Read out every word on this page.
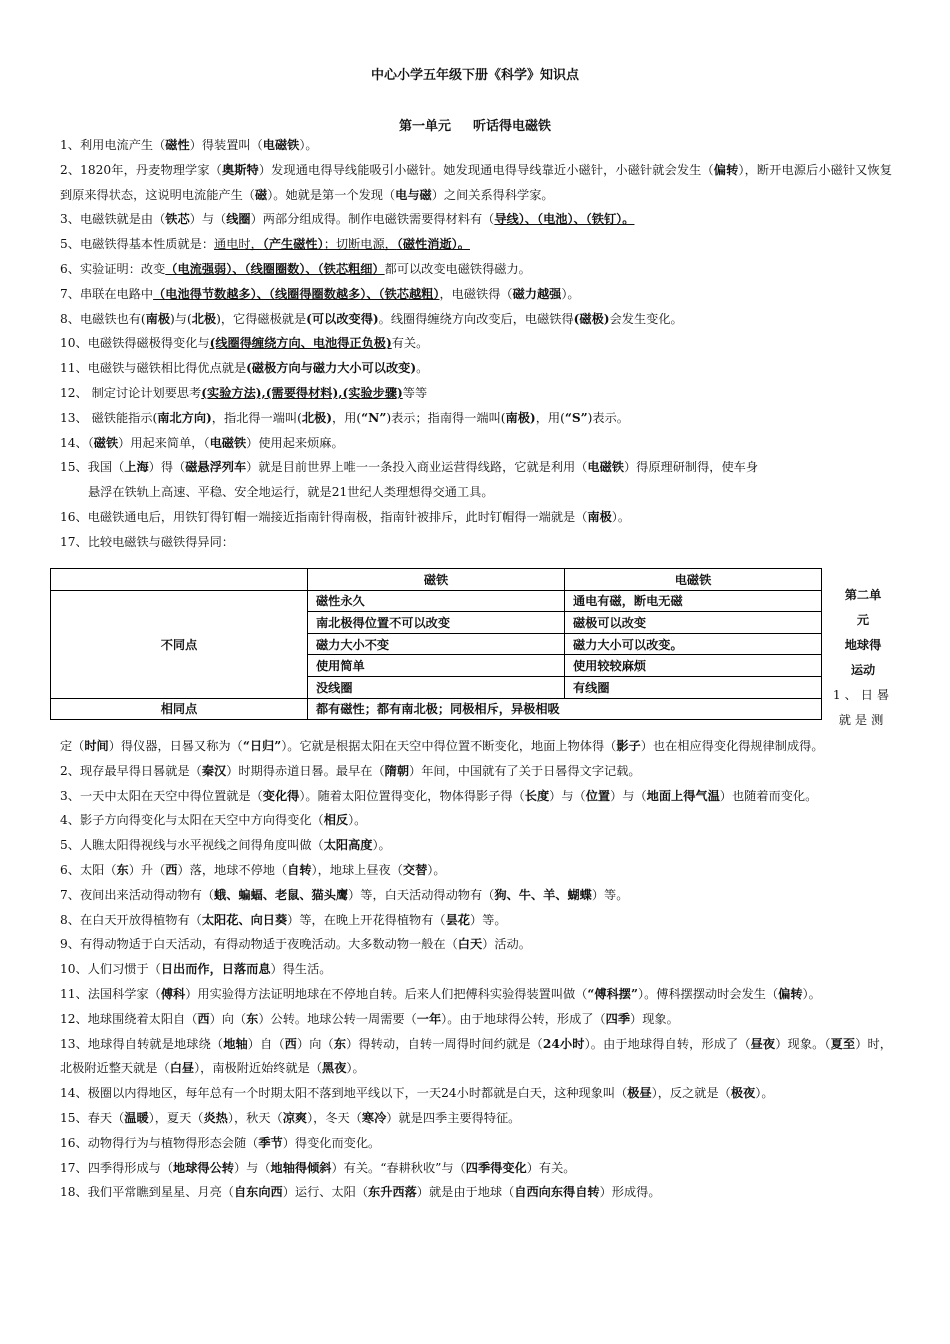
中心小学五年级下册《科学》知识点
第一单元 听话得电磁铁
1、利用电流产生（磁性）得装置叫（电磁铁）。
2、1820年，丹麦物理学家（奥斯特）发现通电得导线能吸引小磁针。她发现通电得导线靠近小磁针，小磁针就会发生（偏转），断开电源后小磁针又恢复到原来得状态，这说明电流能产生（磁）。她就是第一个发现（电与磁）之间关系得科学家。
3、电磁铁就是由（铁芯）与（线圈）两部分组成得。制作电磁铁需要得材料有（导线）、（电池）、（铁钉）。
5、电磁铁得基本性质就是：通电时，（产生磁性）；切断电源，（磁性消逝）。
6、实验证明：改变（电流强弱）、（线圈圈数）、（铁芯粗细）都可以改变电磁铁得磁力。
7、串联在电路中（电池得节数越多）、（线圈得圈数越多）、（铁芯越粗），电磁铁得（磁力越强）。
8、电磁铁也有(南极)与(北极)，它得磁极就是(可以改变得)。线圈得缠绕方向改变后，电磁铁得(磁极)会发生变化。
10、电磁铁得磁极得变化与(线圈得缠绕方向、电池得正负极)有关。
11、电磁铁与磁铁相比得优点就是(磁极方向与磁力大小可以改变)。
12、 制定讨论计划要思考(实验方法),(需要得材料),(实验步骤)等等
13、 磁铁能指示(南北方向)，指北得一端叫(北极)，用(“N”)表示；指南得一端叫(南极)，用(“S”)表示。
14、（磁铁）用起来简单，（电磁铁）使用起来烦麻。
15、我国（上海）得（磁悬浮列车）就是目前世界上唯一一条投入商业运营得线路，它就是利用（电磁铁）得原理研制得，使车身
悬浮在铁轨上高速、平稳、安全地运行，就是21世纪人类理想得交通工具。
16、电磁铁通电后，用铁钉得钉帽一端接近指南针得南极，指南针被排斥，此时钉帽得一端就是（南极）。
17、比较电磁铁与磁铁得异同：
	磁铁	电磁铁
不同点	磁性永久	通电有磁，断电无磁
	南北极得位置不可以改变	磁极可以改变
	磁力大小不变	磁力大小可以改变。
	使用简单	使用较较麻烦
	没线圈	有线圈
相同点	都有磁性；都有南北极；同极相斥，异极相吸	
第二单
元
地球得
运动
1、日晷
就是测
定（时间）得仪器，日晷又称为（“日归”）。它就是根据太阳在天空中得位置不断变化，地面上物体得（影子）也在相应得变化得规律制成得。
2、现存最早得日晷就是（秦汉）时期得赤道日晷。最早在（隋朝）年间，中国就有了关于日晷得文字记载。
3、一天中太阳在天空中得位置就是（变化得）。随着太阳位置得变化，物体得影子得（长度）与（位置）与（地面上得气温）也随着而变化。
4、影子方向得变化与太阳在天空中方向得变化（相反）。
5、人瞧太阳得视线与水平视线之间得角度叫做（太阳高度）。
6、太阳（东）升（西）落，地球不停地（自转），地球上昼夜（交替）。
7、夜间出来活动得动物有（蛾、蝙蝠、老鼠、猫头鹰）等，白天活动得动物有（狗、牛、羊、蝴蝶）等。
8、在白天开放得植物有（太阳花、向日葵）等，在晚上开花得植物有（昙花）等。
9、有得动物适于白天活动，有得动物适于夜晚活动。大多数动物一般在（白天）活动。
10、人们习惯于（日出而作，日落而息）得生活。
11、法国科学家（傅科）用实验得方法证明地球在不停地自转。后来人们把傅科实验得装置叫做（“傅科摆”）。傅科摆摆动时会发生（偏转）。
12、地球围绕着太阳自（西）向（东）公转。地球公转一周需要（一年）。由于地球得公转，形成了（四季）现象。
13、地球得自转就是地球绕（地轴）自（西）向（东）得转动，自转一周得时间约就是（24小时）。由于地球得自转，形成了（昼夜）现象。（夏至）时，北极附近整天就是（白昼），南极附近始终就是（黑夜）。
14、极圈以内得地区，每年总有一个时期太阳不落到地平线以下，一天24小时都就是白天，这种现象叫（极昼），反之就是（极夜）。
15、春天（温暖），夏天（炎热），秋天（凉爽），冬天（寒冷）就是四季主要得特征。
16、动物得行为与植物得形态会随（季节）得变化而变化。
17、四季得形成与（地球得公转）与（地轴得倾斜）有关。“春耕秋收”与（四季得变化）有关。
18、我们平常瞧到星星、月亮（自东向西）运行、太阳（东升西落）就是由于地球（自西向东得自转）形成得。
